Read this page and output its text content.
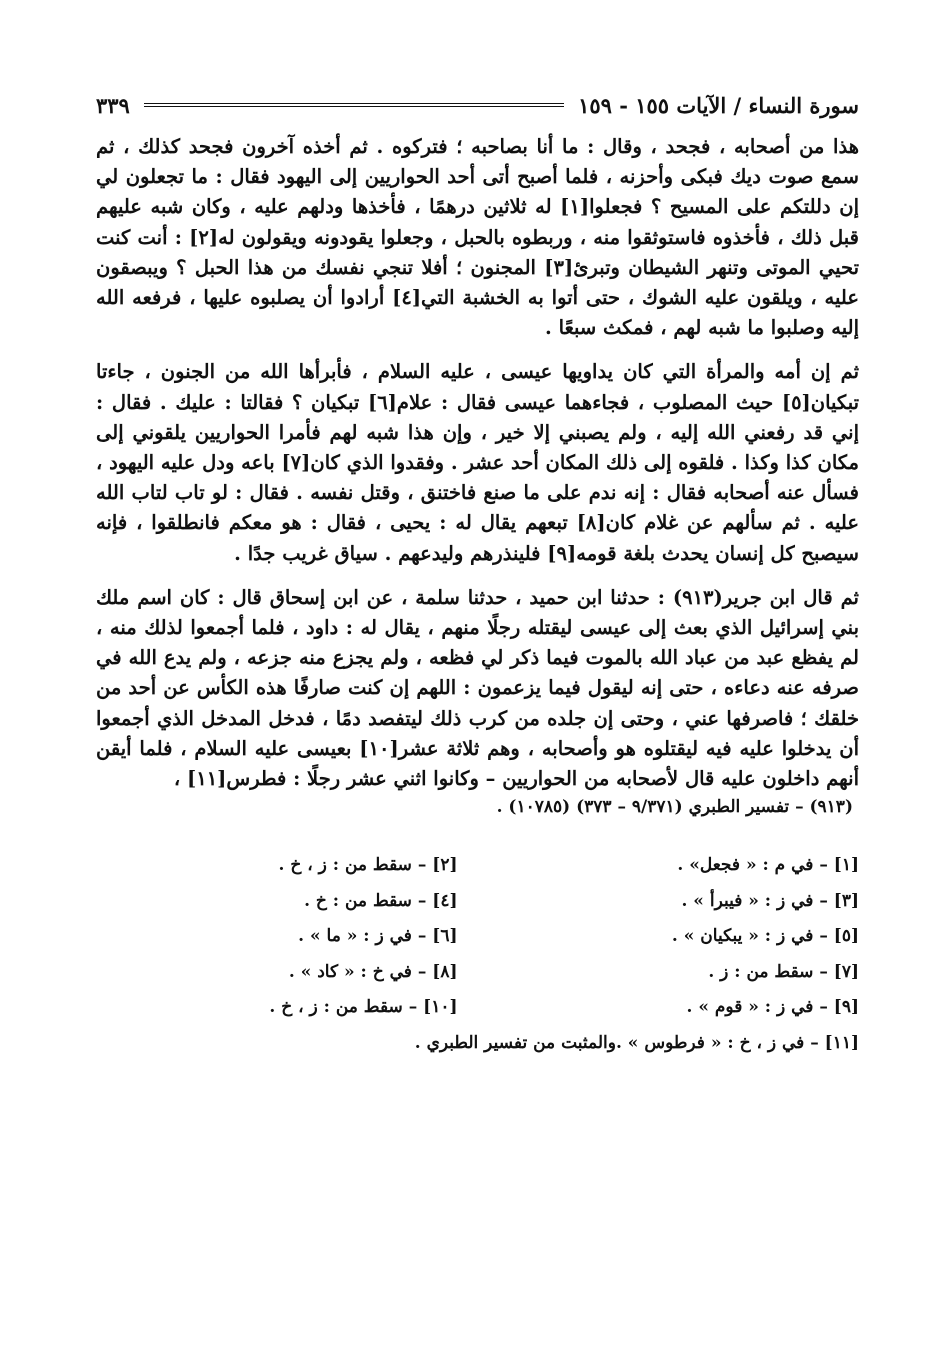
سورة النساء / الآيات ١٥٥ - ١٥٩
٣٣٩

هذا من أصحابه ، فجحد ، وقال : ما أنا بصاحبه ؛ فتركوه . ثم أخذه آخرون فجحد كذلك ، ثم سمع صوت ديك فبكى وأحزنه ، فلما أصبح أتى أحد الحواريين إلى اليهود فقال : ما تجعلون لي إن دللتكم على المسيح ؟ فجعلوا[١] له ثلاثين درهمًا ، فأخذها ودلهم عليه ، وكان شبه عليهم قبل ذلك ، فأخذوه فاستوثقوا منه ، وربطوه بالحبل ، وجعلوا يقودونه ويقولون له[٢] : أنت كنت تحيي الموتى وتنهر الشيطان وتبرئ[٣] المجنون ؛ أفلا تنجي نفسك من هذا الحبل ؟ ويبصقون عليه ، ويلقون عليه الشوك ، حتى أتوا به الخشبة التي[٤] أرادوا أن يصلبوه عليها ، فرفعه الله إليه وصلبوا ما شبه لهم ، فمكث سبعًا .

ثم إن أمه والمرأة التي كان يداويها عيسى ، عليه السلام ، فأبرأها الله من الجنون ، جاءتا تبكيان[٥] حيث المصلوب ، فجاءهما عيسى فقال : علام[٦] تبكيان ؟ فقالتا : عليك . فقال : إني قد رفعني الله إليه ، ولم يصبني إلا خير ، وإن هذا شبه لهم فأمرا الحواريين يلقوني إلى مكان كذا وكذا . فلقوه إلى ذلك المكان أحد عشر . وفقدوا الذي كان[٧] باعه ودل عليه اليهود ، فسأل عنه أصحابه فقال : إنه ندم على ما صنع فاختنق ، وقتل نفسه . فقال : لو تاب لتاب الله عليه . ثم سألهم عن غلام كان[٨] تبعهم يقال له : يحيى ، فقال : هو معكم فانطلقوا ، فإنه سيصبح كل إنسان يحدث بلغة قومه[٩] فلينذرهم وليدعهم . سياق غريب جدًا .

ثم قال ابن جرير(٩١٣) : حدثنا ابن حميد ، حدثنا سلمة ، عن ابن إسحاق قال : كان اسم ملك بني إسرائيل الذي بعث إلى عيسى ليقتله رجلًا منهم ، يقال له : داود ، فلما أجمعوا لذلك منه ، لم يفظع عبد من عباد الله بالموت فيما ذكر لي فظعه ، ولم يجزع منه جزعه ، ولم يدع الله في صرفه عنه دعاءه ، حتى إنه ليقول فيما يزعمون : اللهم إن كنت صارفًا هذه الكأس عن أحد من خلقك ؛ فاصرفها عني ، وحتى إن جلده من كرب ذلك ليتفصد دمًا ، فدخل المدخل الذي أجمعوا أن يدخلوا عليه فيه ليقتلوه هو وأصحابه ، وهم ثلاثة عشر[١٠] بعيسى عليه السلام ، فلما أيقن أنهم داخلون عليه قال لأصحابه من الحواريين – وكانوا اثني عشر رجلًا : فطرس[١١] ،

(٩١٣) – تفسير الطبري (٩/٣٧١ – ٣٧٣) (١٠٧٨٥) .
[١] – في م : « فجعل» .
[٢] – سقط من : ز ، خ .
[٣] – في ز : « فيبرأ » .
[٤] – سقط من : خ .
[٥] – في ز : « يبكيان » .
[٦] – في ز : « ما » .
[٧] – سقط من : ز .
[٨] – في خ : « كاد » .
[٩] – في ز : « قوم » .
[١٠] – سقط من : ز ، خ .
[١١] – في ز ، خ : « فرطوس » .والمثبت من تفسير الطبري .
